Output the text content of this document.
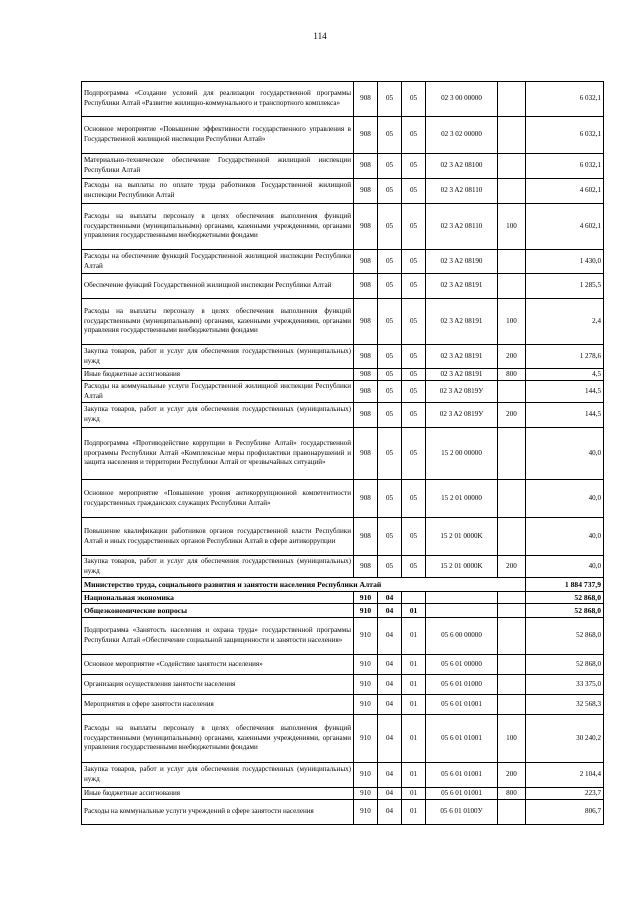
114
Подпрограмма «Создание условий для реализации государственной программы Республики Алтай «Развитие жилищно-коммунального и транспортного комплекса»	908	05	05	02 3 00 00000		6 032,1
Основное мероприятие «Повышение эффективности государственного управления в Государственной жилищной инспекции Республики Алтай»	908	05	05	02 3 02 00000		6 032,1
Материально-техническое обеспечение Государственной жилищной инспекции Республики Алтай	908	05	05	02 3 A2 08100		6 032,1
Расходы на выплаты по оплате труда работников Государственной жилищной инспекции Республики Алтай	908	05	05	02 3 A2 08110		4 602,1
Расходы на выплаты персоналу в целях обеспечения выполнения функций государственными (муниципальными) органами, казенными учреждениями, органами управления государственными внебюджетными фондами	908	05	05	02 3 A2 08110	100	4 602,1
Расходы на обеспечение функций Государственной жилищной инспекции Республики Алтай	908	05	05	02 3 A2 08190		1 430,0
Обеспечение функций Государственной жилищной инспекции Республики Алтай	908	05	05	02 3 A2 08191		1 285,5
Расходы на выплаты персоналу в целях обеспечения выполнения функций государственными (муниципальными) органами, казенными учреждениями, органами управления государственными внебюджетными фондами	908	05	05	02 3 A2 08191	100	2,4
Закупка товаров, работ и услуг для обеспечения государственных (муниципальных) нужд	908	05	05	02 3 A2 08191	200	1 278,6
Иные бюджетные ассигнования	908	05	05	02 3 A2 08191	800	4,5
Расходы на коммунальные услуги Государственной жилищной инспекции Республики Алтай	908	05	05	02 3 A2 0819У		144,5
Закупка товаров, работ и услуг для обеспечения государственных (муниципальных) нужд	908	05	05	02 3 A2 0819У	200	144,5
Подпрограмма «Противодействие коррупции в Республике Алтай» государственной программы Республики Алтай «Комплексные меры профилактики правонарушений и защита населения и территории Республики Алтай от чрезвычайных ситуаций»	908	05	05	15 2 00 00000		40,0
Основное мероприятие «Повышение уровня антикоррупционной компетентности государственных гражданских служащих Республики Алтай»	908	05	05	15 2 01 00000		40,0
Повышение квалификации работников органов государственной власти Республики Алтай и иных государственных органов Республики Алтай в сфере антикоррупции	908	05	05	15 2 01 0000K		40,0
Закупка товаров, работ и услуг для обеспечения государственных (муниципальных) нужд	908	05	05	15 2 01 0000K	200	40,0
Министерство труда, социального развития и занятости населения Республики Алтай						1 884 737,9
Национальная экономика	910	04				52 868,0
Общеэкономические вопросы	910	04	01			52 868,0
Подпрограмма «Занятость населения и охрана труда» государственной программы Республики Алтай «Обеспечение социальной защищенности и занятости населения»	910	04	01	05 6 00 00000		52 868,0
Основное мероприятие «Содействие занятости населения»	910	04	01	05 6 01 00000		52 868,0
Организация осуществления занятости населения	910	04	01	05 6 01 01000		33 375,0
Мероприятия в сфере занятости населения	910	04	01	05 6 01 01001		32 568,3
Расходы на выплаты персоналу в целях обеспечения выполнения функций государственными (муниципальными) органами, казенными учреждениями, органами управления государственными внебюджетными фондами	910	04	01	05 6 01 01001	100	30 240,2
Закупка товаров, работ и услуг для обеспечения государственных (муниципальных) нужд	910	04	01	05 6 01 01001	200	2 104,4
Иные бюджетные ассигнования	910	04	01	05 6 01 01001	800	223,7
Расходы на коммунальные услуги учреждений в сфере занятости населения	910	04	01	05 6 01 0100У		806,7
